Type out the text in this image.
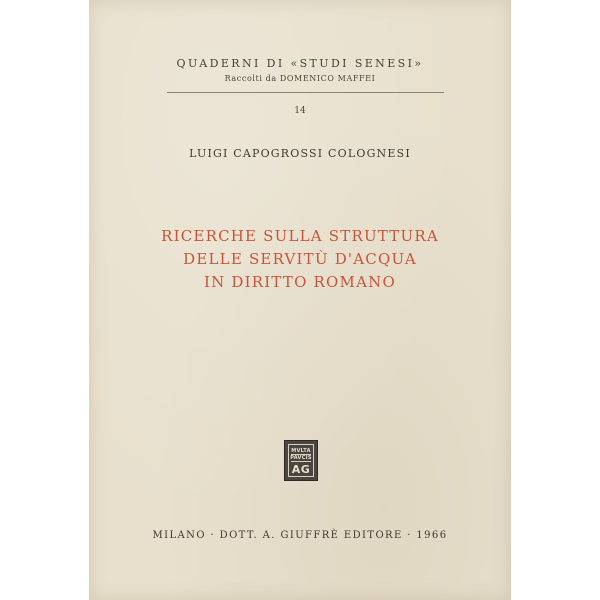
QUADERNI DI «STUDI SENESI»
Raccolti da DOMENICO MAFFEI
14
LUIGI CAPOGROSSI COLOGNESI
RICERCHE SULLA STRUTTURA
DELLE SERVITÙ D'ACQUA
IN DIRITTO ROMANO
MVLTA
PAVCIS
AG
MILANO · DOTT. A. GIUFFRÈ EDITORE · 1966
